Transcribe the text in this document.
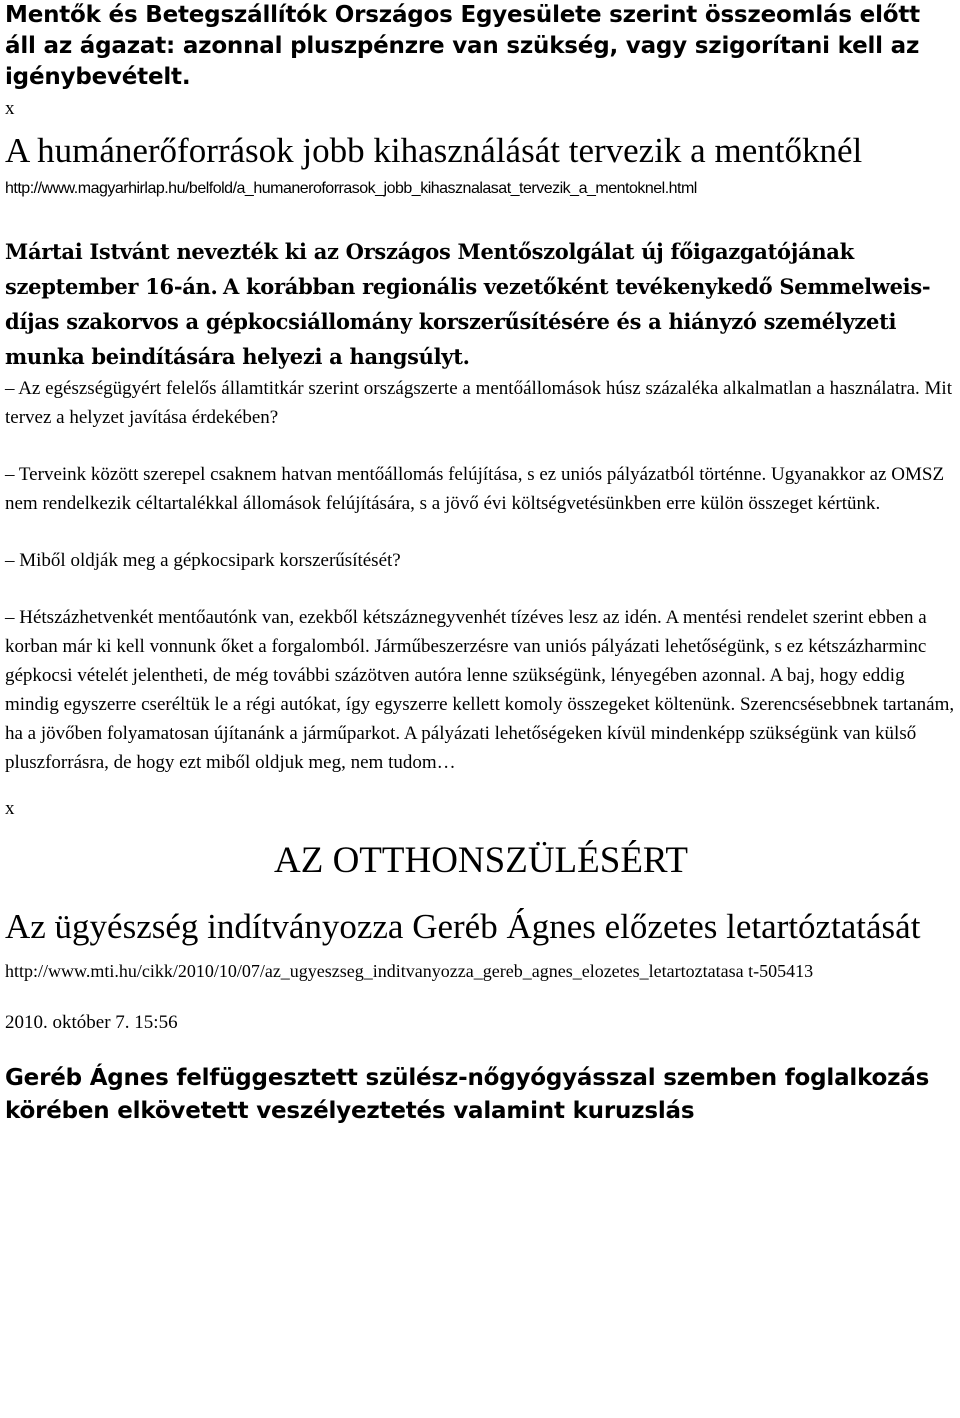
Mentők és Betegszállítók Országos Egyesülete szerint összeomlás előtt áll az ágazat: azonnal pluszpénzre van szükség, vagy szigorítani kell az igénybevételt.

x

A humánerőforrások jobb kihasználását tervezik a mentőknél

http://www.magyarhirlap.hu/belfold/a_humaneroforrasok_jobb_kihasznalasat_tervezik_a_mentoknel.html

Mártai Istvánt nevezték ki az Országos Mentőszolgálat új főigazgatójának szeptember 16-án. A korábban regionális vezetőként tevékenykedő Semmelweis-díjas szakorvos a gépkocsiállomány korszerűsítésére és a hiányzó személyzeti munka beindítására helyezi a hangsúlyt.

– Az egészségügyért felelős államtitkár szerint országszerte a mentőállomások húsz százaléka alkalmatlan a használatra. Mit tervez a helyzet javítása érdekében?

– Terveink között szerepel csaknem hatvan mentőállomás felújítása, s ez uniós pályázatból történne. Ugyanakkor az OMSZ nem rendelkezik céltartalékkal állomások felújítására, s a jövő évi költségvetésünkben erre külön összeget kértünk.

– Miből oldják meg a gépkocsipark korszerűsítését?

– Hétszázhetvenkét mentőautónk van, ezekből kétszáznegyvenhét tízéves lesz az idén. A mentési rendelet szerint ebben a korban már ki kell vonnunk őket a forgalomból. Járműbeszerzésre van uniós pályázati lehetőségünk, s ez kétszázharminc gépkocsi vételét jelentheti, de még további százötven autóra lenne szükségünk, lényegében azonnal. A baj, hogy eddig mindig egyszerre cseréltük le a régi autókat, így egyszerre kellett komoly összegeket költenünk. Szerencsésebbnek tartanám, ha a jövőben folyamatosan újítanánk a járműparkot. A pályázati lehetőségeken kívül mindenképp szükségünk van külső pluszforrásra, de hogy ezt miből oldjuk meg, nem tudom…

x

AZ OTTHONSZÜLÉSÉRT
Az ügyészség indítványozza Geréb Ágnes előzetes letartóztatását

http://www.mti.hu/cikk/2010/10/07/az_ugyeszseg_inditvanyozza_gereb_agnes_elozetes_letartoztatasa t-505413

2010. október 7. 15:56

Geréb Ágnes felfüggesztett szülész-nőgyógyásszal szemben foglalkozás körében elkövetett veszélyeztetés valamint kuruzslás
